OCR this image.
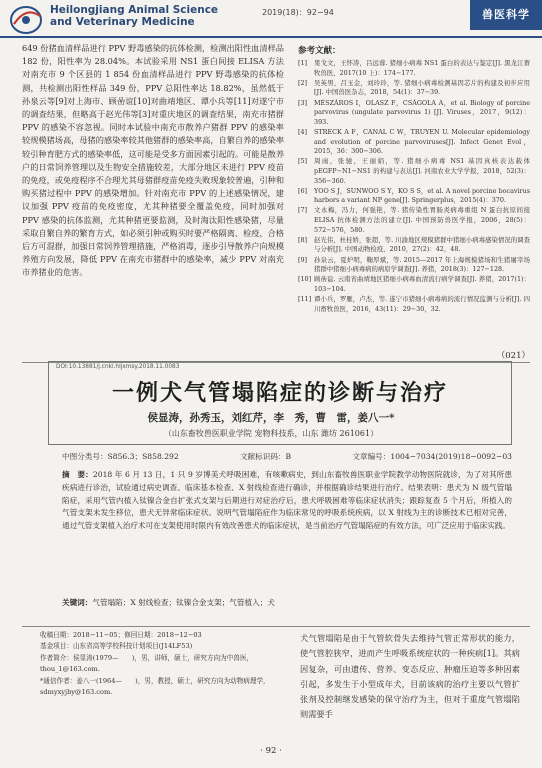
Heilongjiang Animal Science
and Veterinary Medicine
2019(18)：92−94	兽医科学

649 份猪血清样品进行 PPV 野毒感染的抗体检测，检测出阳性血清样品 182 份，阳性率为 28.04%。本试验采用 NS1 蛋白间接 ELISA 方法对南充市 9 个区县的 1 854 份血清样品进行 PPV 野毒感染的抗体检测，共检测出阳性样品 349 份，PPV 总阳性率达 18.82%，虽然低于孙泉云等[9]对上海市、顾嵒谊[10]对曲靖地区、谭小兵等[11]对遂宁市的调查结果，但略高于赵光伟等[3]对重庆地区的调查结果，南充市猪群 PPV 的感染不容忽视。同时本试验中南充市散养户猪群 PPV 的感染率较规模猪场高，母猪的感染率较其他猪群的感染率高，自繁自养的感染率较引种育肥方式的感染率低，这可能是受多方面因素引起的。可能是散养户的日常饲养管理以及生物安全措施较差，大部分地区未进行 PPV 疫苗的免疫，或免疫程序不合理尤其母猪群疫苗免疫失败现象较普遍，引种和购买猪过程中 PPV 的感染增加。针对南充市 PPV 的上述感染情况，建议加强 PPV 疫苗的免疫密度，尤其种猪要全覆盖免疫，同时加强对 PPV 感染的抗体监测，尤其种猪更要监测，及时淘汰阳性感染猪，尽量采取自繁自养的繁育方式，如必须引种或购买时要严格隔离、检疫，合格后方可混群，加强日常饲养管理措施，严格消毒，逐步引导散养户向规模养殖方向发展，降低 PPV 在南充市猪群中的感染率，减少 PPV 对南充市养猪业的危害。

参考文献：
[1]	果戈文，王怀涛，吕远蓉. 猪细小病毒 NS1 蛋白的表达与鉴定[J]. 黑龙江畜牧兽医，2017(10 上)：174−177.
[2]	吴英男，吕玉金，刘玲玲，等. 猪细小病毒检测基因芯片的构建及初步应用[J]. 中国兽医杂志，2018，54(1)：37−39.
[3]	MÉSZÁROS I，OLASZ F，CSÁGOLA A，et al. Biology of porcine parvovirus (ungulate parvovirus 1) [J]. Viruses，2017，9(12)：393.
[4]	STRECK A F，CANAL C W，TRUYEN U. Molecular epidemiology and evolution of porcine parvoviruses[J]. Infect Genet Evol，2015，36：300−306.
[5]	周雨，张驰，王丽娟，等. 猪细小病毒 NS1 基因真核表达载体 pEGFP−N1−NS1 的构建与表达[J]. 河南农业大学学报，2018，52(3)：356−360.
[6]	YOO S J，SUNWOO S Y，KO S S，et al. A novel porcine bocavirus harbors a variant NP gene[J]. Springerplus，2015(4)：370.
[7]	文永梅，冯力，何强艳，等. 猪传染性胃肠炎病毒重组 N 蛋白抗原间接 ELISA 抗体检测方法的建立[J]. 中国预防兽医学报，2006，28(5)：572−576，580.
[8]	赵光伟，杜桂娇，张超，等. 川渝地区规模猪群中猪细小病毒感染情况的调查与分析[J]. 中国动物检疫，2010，27(2)：42，48.
[9]	孙泉云，夏炉明，鞠厚斌，等. 2015—2017 年上海规模猪场和生猪屠宰场猪群中猪细小病毒病的病原学调查[J]. 养猪，2018(3)：127−128.
[10] 顾嵒谊. 云南省曲靖地区猪细小病毒血清流行病学调查[J]. 养猪，2017(1)：103−104.
[11] 谭小兵，罗雁，卢杰，等. 遂宁市猪细小病毒病的流行情况监测与分析[J]. 四川畜牧兽医，2016，43(11)：29−30，32.
（021）
DOI:10.13881/j.cnki.hljxmsy.2018.11.0083
一例犬气管塌陷症的诊断与治疗
侯显涛，孙秀玉，刘红芹，李　秀，曹　雷，姜八一*
（山东畜牧兽医职业学院 宠物科技系，山东 潍坊 261061）
中图分类号：S856.3；S858.292	文献标识码：B	文章编号：1004−7034(2019)18−0092−03
摘　要：2018 年 6 月 13 日，1 只 9 岁博美犬呼吸困难，有咳嗽病史，到山东畜牧兽医职业学院教学动物医院就诊，为了对其所患疾病进行诊治，试验通过病史调查、临床基本检查、X 射线检查进行确诊，并根据确诊结果进行治疗。结果表明：患犬为 N 级气管塌陷症，采用气管内植入钛镍合金自扩张式支架与后期进行对症治疗后，患犬呼吸困难等临床症状消失；跟踪复查 5 个月后，所植入的气管支架未发生移位，患犬无异常临床症状。说明气管塌陷症作为临床常见的呼吸系统疾病，以 X 射线为主的诊断技术已相对完善，通过气管支架植入治疗术可在支架使用时限内有效改善患犬的临床症状，是当前治疗气管塌陷症的有效方法，可广泛应用于临床实践。
关键词：气管塌陷；X 射线检查；钛镍合金支架；气管植入；犬
收稿日期：2018−11−05；修回日期：2018−12−03
基金项目：山东省高等学校科技计划项目(J14LF53)
作者简介：侯显涛(1979—　　)，男，讲师，硕士，研究方向为中兽医，thou_1@163.com.
*通信作者：姜八一(1964—　　)，男，教授，硕士，研究方向为动物病理学，sdmyxyjby@163.com.
犬气管塌陷是由于气管软骨失去维持气管正常形状的能力，使气管腔狭窄，进而产生呼吸系统症状的一种疾病[1]。其病因复杂，可由遗传、营养、变态反应、肿瘤压迫等多种因素引起，多发生于小型成年犬，目前该病的治疗主要以气管扩张剂及控制继发感染的保守治疗为主，但对于重度气管塌陷则需要手
· 92 ·
